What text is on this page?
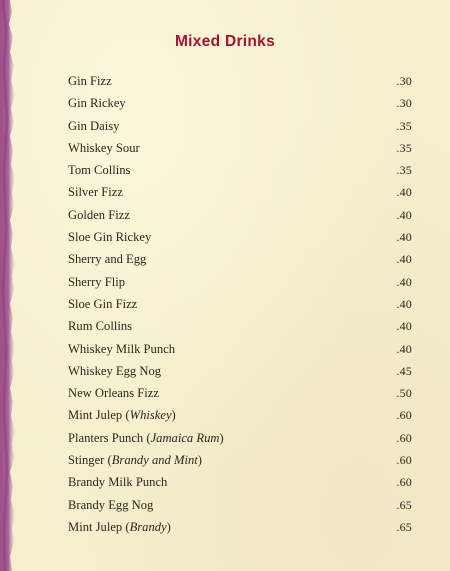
Mixed Drinks
Gin Fizz	.30
Gin Rickey	.30
Gin Daisy	.35
Whiskey Sour	.35
Tom Collins	.35
Silver Fizz	.40
Golden Fizz	.40
Sloe Gin Rickey	.40
Sherry and Egg	.40
Sherry Flip	.40
Sloe Gin Fizz	.40
Rum Collins	.40
Whiskey Milk Punch	.40
Whiskey Egg Nog	.45
New Orleans Fizz	.50
Mint Julep (Whiskey)	.60
Planters Punch (Jamaica Rum)	.60
Stinger (Brandy and Mint)	.60
Brandy Milk Punch	.60
Brandy Egg Nog	.65
Mint Julep (Brandy)	.65
